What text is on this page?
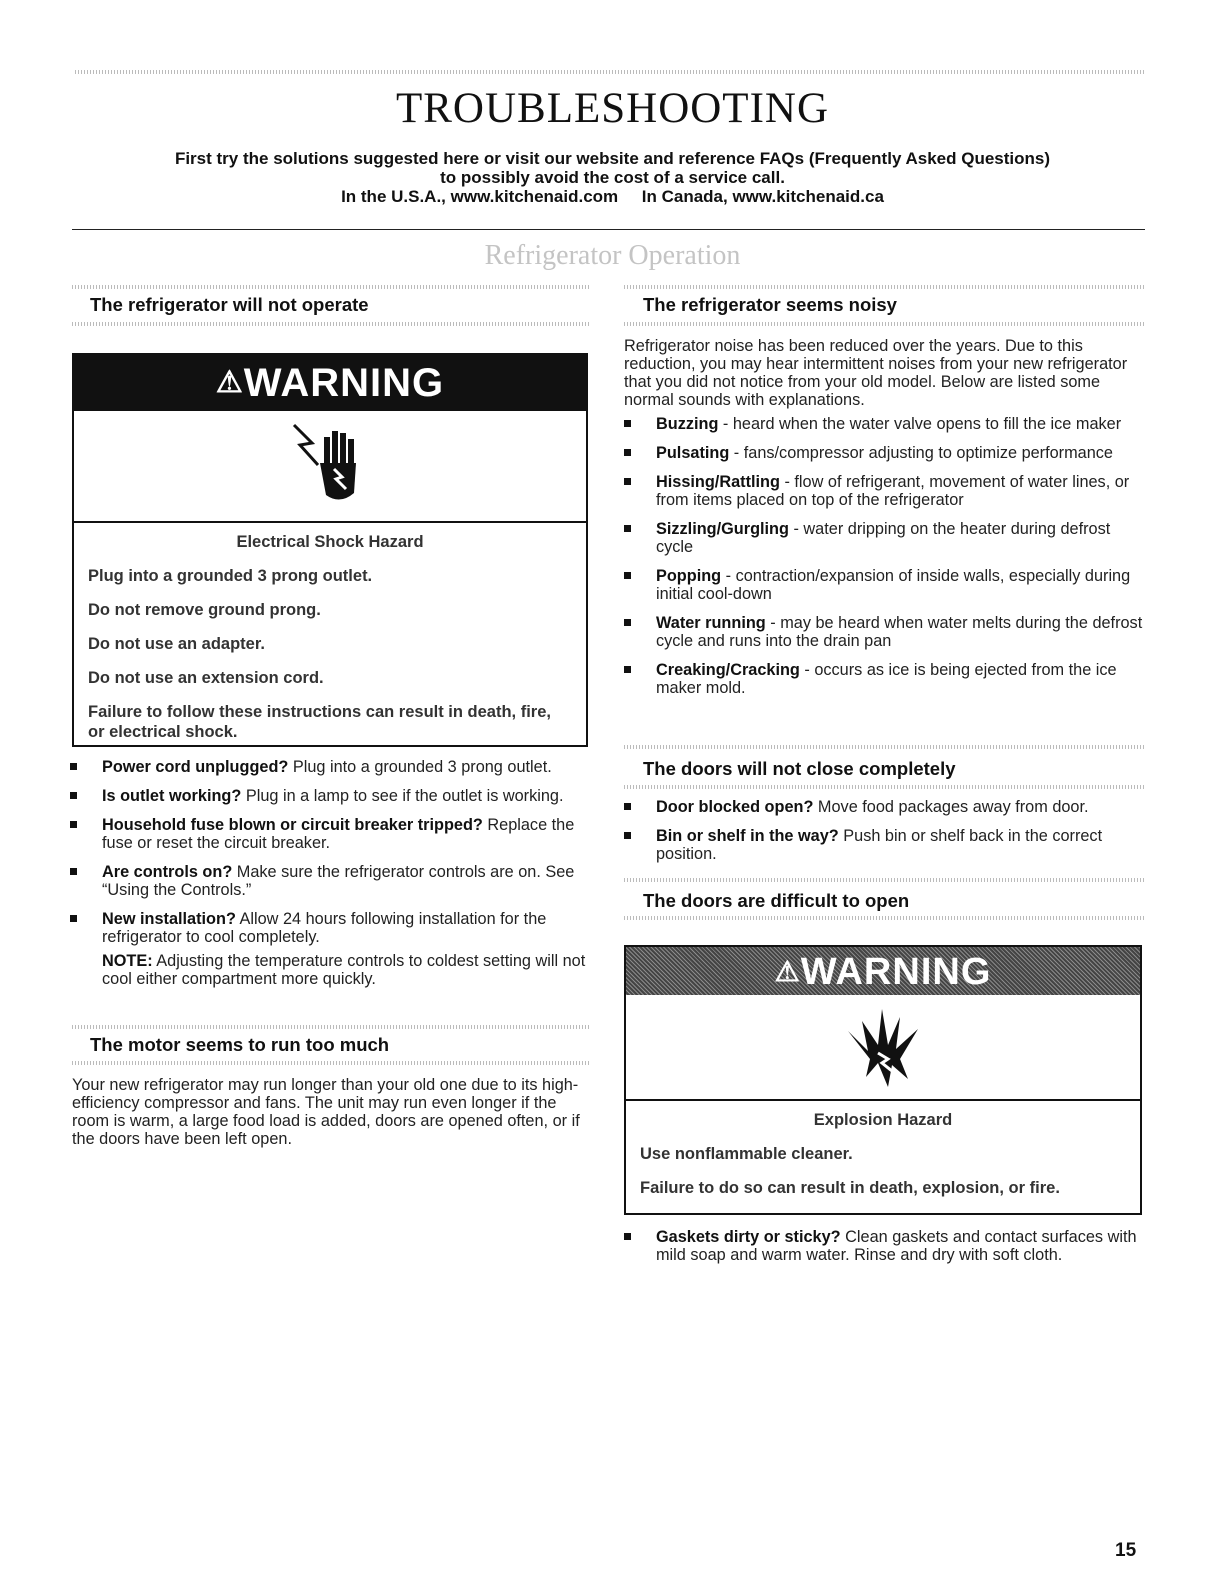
TROUBLESHOOTING
First try the solutions suggested here or visit our website and reference FAQs (Frequently Asked Questions)
to possibly avoid the cost of a service call.
In the U.S.A., www.kitchenaid.com     In Canada, www.kitchenaid.ca
Refrigerator Operation
The refrigerator will not operate
⚠WARNING
Electrical Shock Hazard

Plug into a grounded 3 prong outlet.

Do not remove ground prong.

Do not use an adapter.

Do not use an extension cord.

Failure to follow these instructions can result in death, fire, or electrical shock.

Power cord unplugged? Plug into a grounded 3 prong outlet.
Is outlet working? Plug in a lamp to see if the outlet is working.
Household fuse blown or circuit breaker tripped? Replace the fuse or reset the circuit breaker.
Are controls on? Make sure the refrigerator controls are on. See “Using the Controls.”
New installation? Allow 24 hours following installation for the refrigerator to cool completely.
NOTE: Adjusting the temperature controls to coldest setting will not cool either compartment more quickly.
The motor seems to run too much
Your new refrigerator may run longer than your old one due to its high-efficiency compressor and fans. The unit may run even longer if the room is warm, a large food load is added, doors are opened often, or if the doors have been left open.
The refrigerator seems noisy
Refrigerator noise has been reduced over the years. Due to this reduction, you may hear intermittent noises from your new refrigerator that you did not notice from your old model. Below are listed some normal sounds with explanations.
Buzzing - heard when the water valve opens to fill the ice maker
Pulsating - fans/compressor adjusting to optimize performance
Hissing/Rattling - flow of refrigerant, movement of water lines, or from items placed on top of the refrigerator
Sizzling/Gurgling - water dripping on the heater during defrost cycle
Popping - contraction/expansion of inside walls, especially during initial cool-down
Water running - may be heard when water melts during the defrost cycle and runs into the drain pan
Creaking/Cracking - occurs as ice is being ejected from the ice maker mold.
The doors will not close completely
Door blocked open? Move food packages away from door.
Bin or shelf in the way? Push bin or shelf back in the correct position.
The doors are difficult to open
⚠WARNING
Explosion Hazard

Use nonflammable cleaner.

Failure to do so can result in death, explosion, or fire.

Gaskets dirty or sticky? Clean gaskets and contact surfaces with mild soap and warm water. Rinse and dry with soft cloth.
15
